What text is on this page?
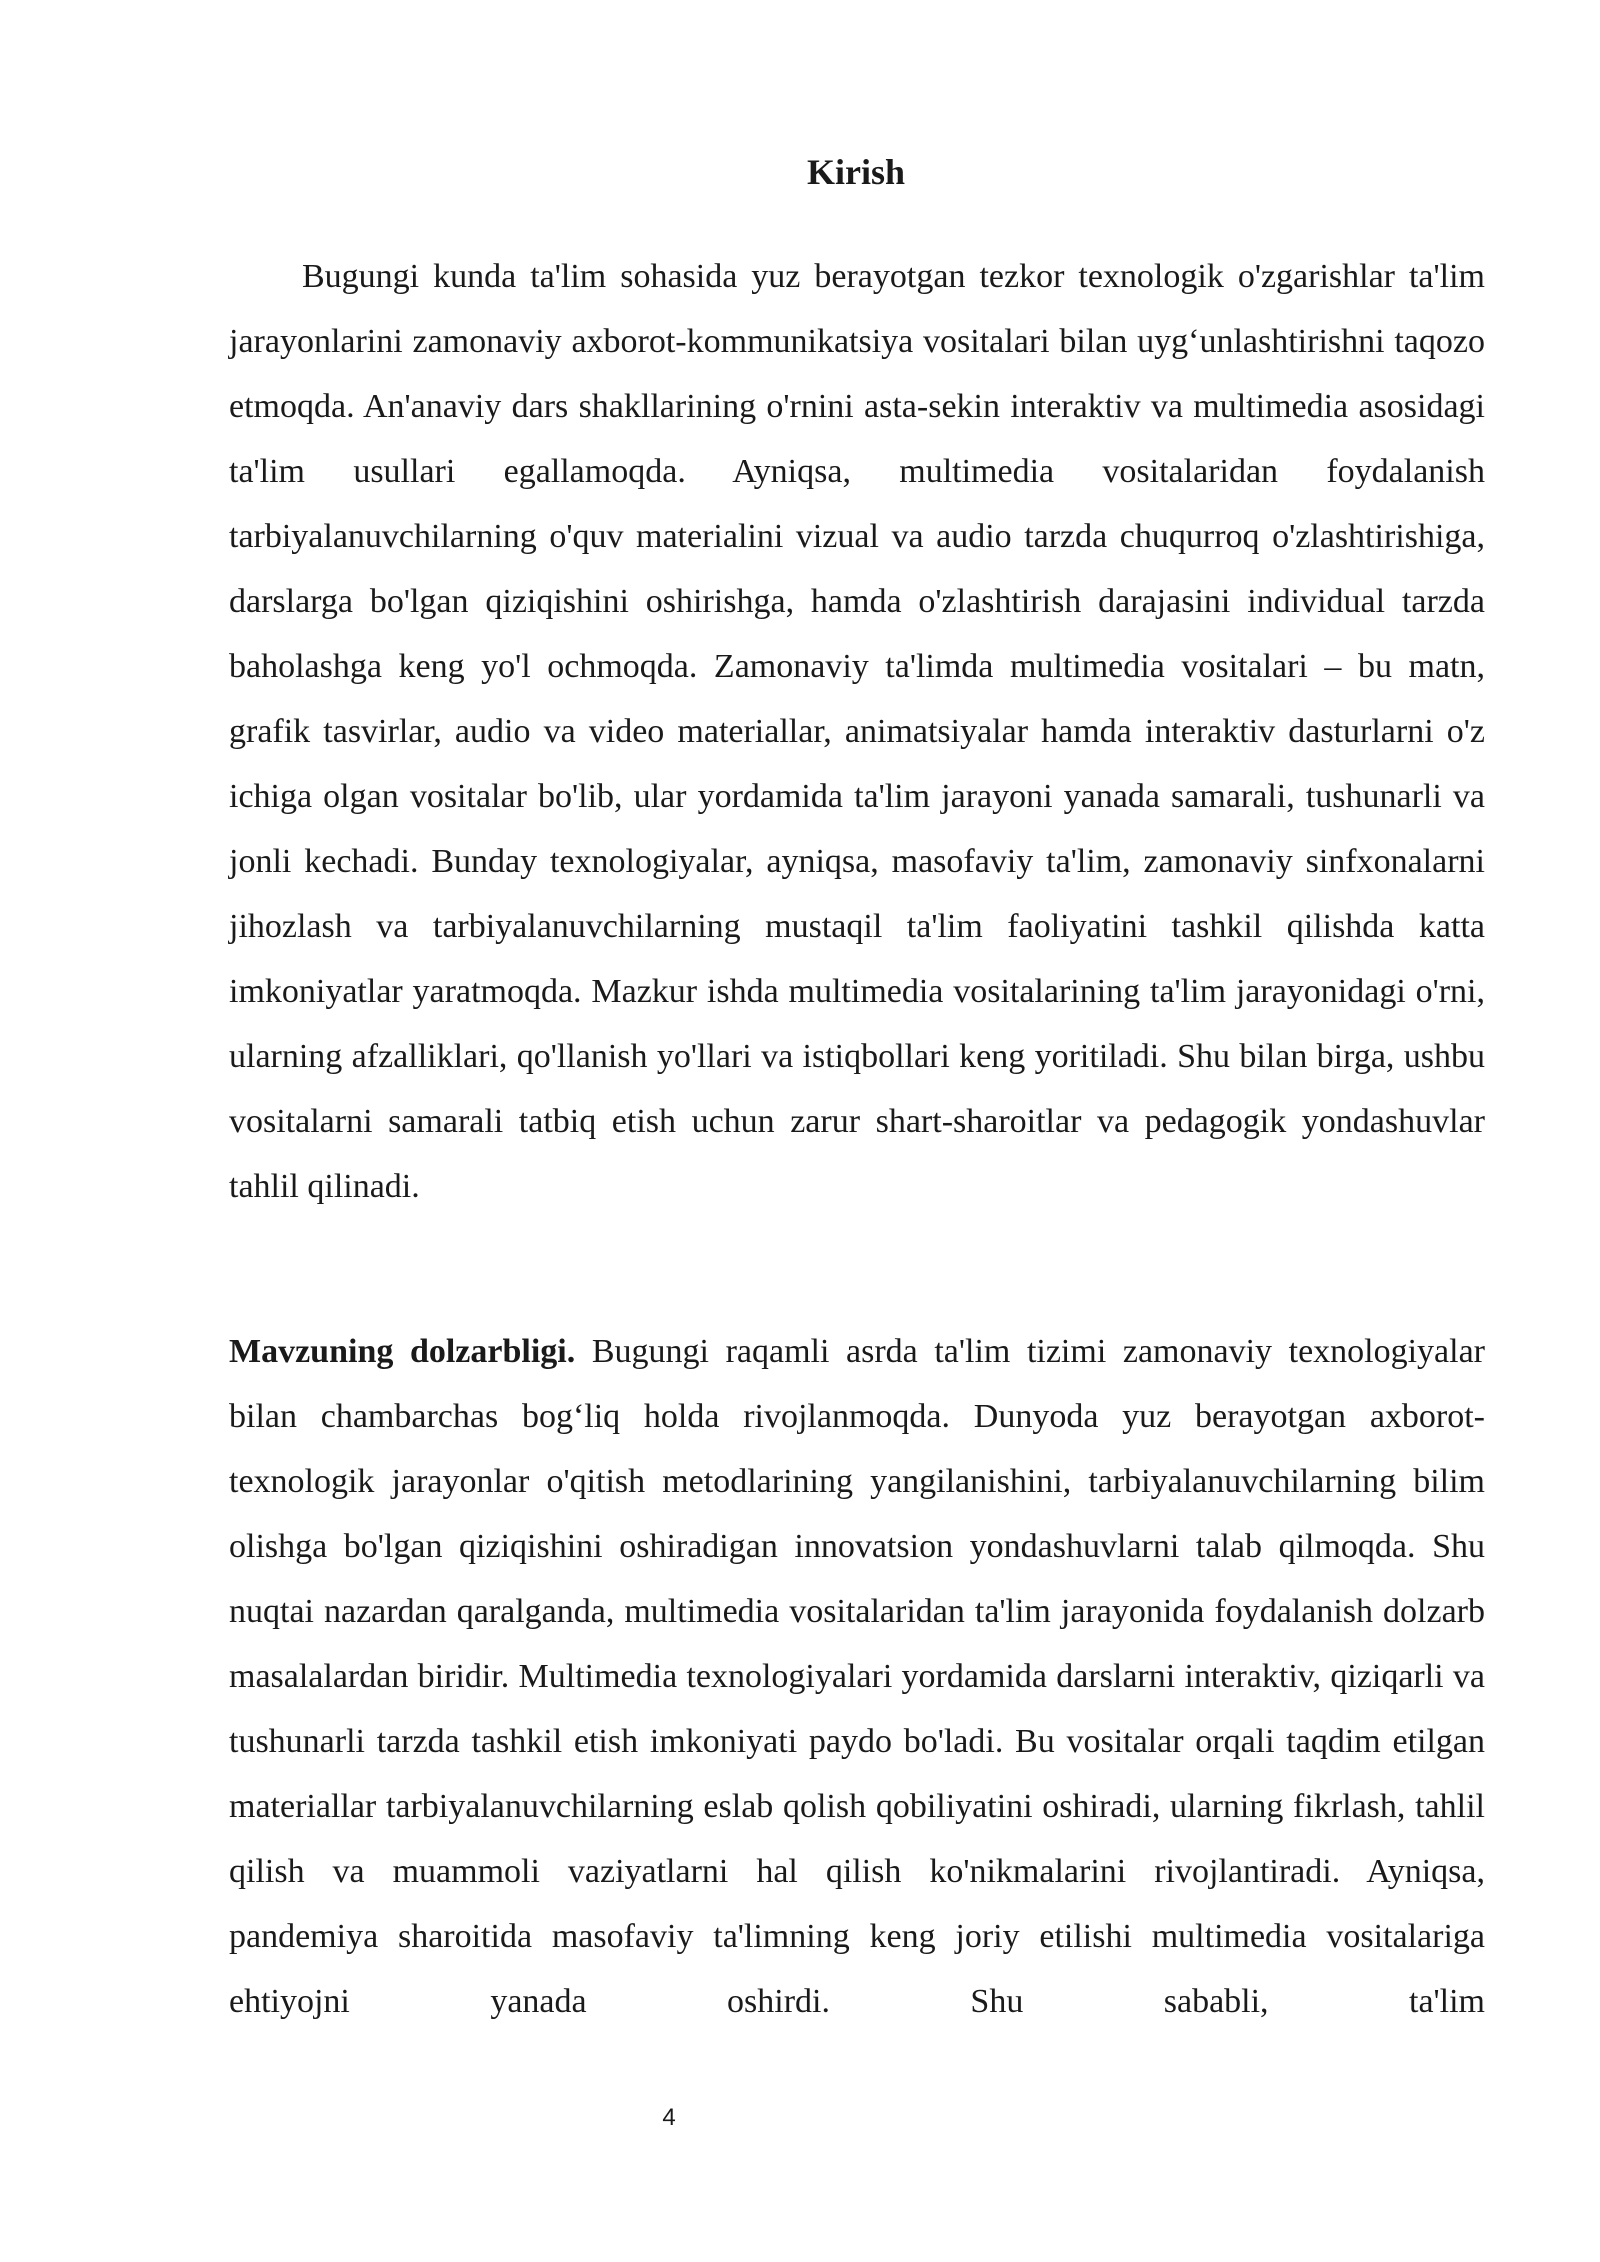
Kirish

Bugungi kunda ta'lim sohasida yuz berayotgan tezkor texnologik o'zgarishlar ta'lim jarayonlarini zamonaviy axborot-kommunikatsiya vositalari bilan uyg‘unlashtirishni taqozo etmoqda. An'anaviy dars shakllarining o'rnini asta-sekin interaktiv va multimedia asosidagi ta'lim usullari egallamoqda. Ayniqsa, multimedia vositalaridan foydalanish tarbiyalanuvchilarning o'quv materialini vizual va audio tarzda chuqurroq o'zlashtirishiga, darslarga bo'lgan qiziqishini oshirishga, hamda o'zlashtirish darajasini individual tarzda baholashga keng yo'l ochmoqda. Zamonaviy ta'limda multimedia vositalari – bu matn, grafik tasvirlar, audio va video materiallar, animatsiyalar hamda interaktiv dasturlarni o'z ichiga olgan vositalar bo'lib, ular yordamida ta'lim jarayoni yanada samarali, tushunarli va jonli kechadi. Bunday texnologiyalar, ayniqsa, masofaviy ta'lim, zamonaviy sinfxonalarni jihozlash va tarbiyalanuvchilarning mustaqil ta'lim faoliyatini tashkil qilishda katta imkoniyatlar yaratmoqda. Mazkur ishda multimedia vositalarining ta'lim jarayonidagi o'rni, ularning afzalliklari, qo'llanish yo'llari va istiqbollari keng yoritiladi. Shu bilan birga, ushbu vositalarni samarali tatbiq etish uchun zarur shart-sharoitlar va pedagogik yondashuvlar tahlil qilinadi.

Mavzuning dolzarbligi. Bugungi raqamli asrda ta'lim tizimi zamonaviy texnologiyalar bilan chambarchas bog‘liq holda rivojlanmoqda. Dunyoda yuz berayotgan axborot-texnologik jarayonlar o'qitish metodlarining yangilanishini, tarbiyalanuvchilarning bilim olishga bo'lgan qiziqishini oshiradigan innovatsion yondashuvlarni talab qilmoqda. Shu nuqtai nazardan qaralganda, multimedia vositalaridan ta'lim jarayonida foydalanish dolzarb masalalardan biridir. Multimedia texnologiyalari yordamida darslarni interaktiv, qiziqarli va tushunarli tarzda tashkil etish imkoniyati paydo bo'ladi. Bu vositalar orqali taqdim etilgan materiallar tarbiyalanuvchilarning eslab qolish qobiliyatini oshiradi, ularning fikrlash, tahlil qilish va muammoli vaziyatlarni hal qilish ko'nikmalarini rivojlantiradi. Ayniqsa, pandemiya sharoitida masofaviy ta'limning keng joriy etilishi multimedia vositalariga ehtiyojni yanada oshirdi. Shu sababli, ta'lim

4
